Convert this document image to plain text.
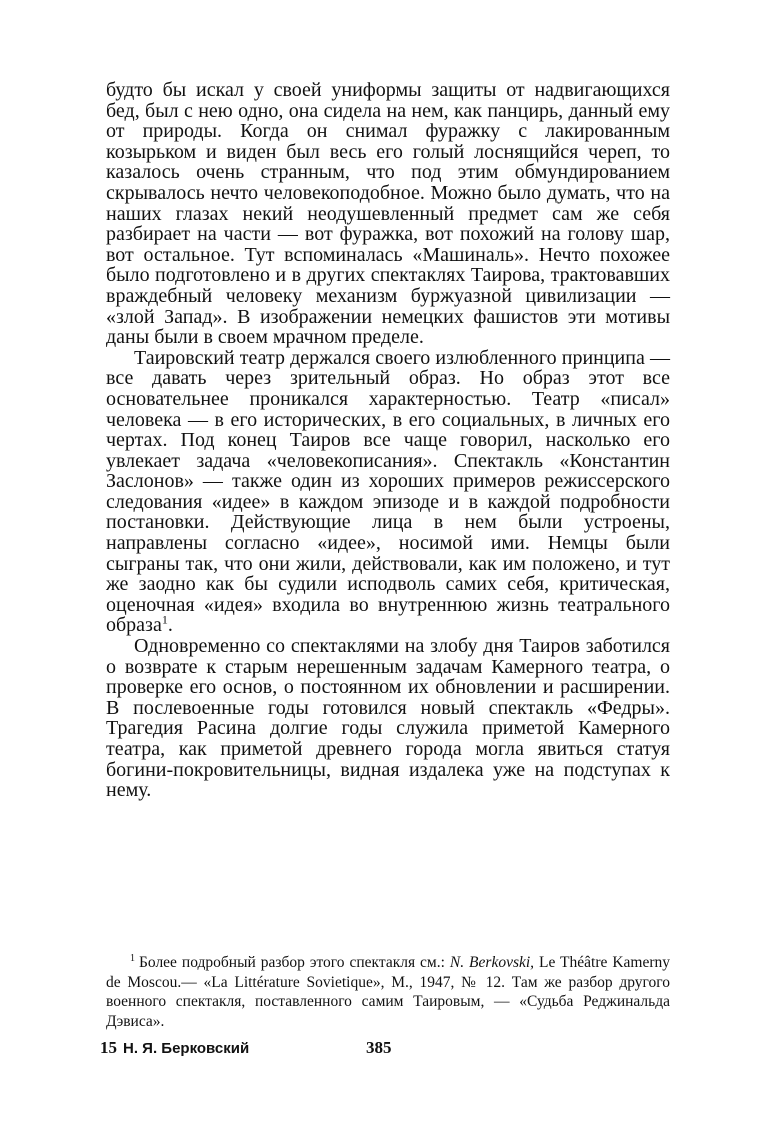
будто бы искал у своей униформы защиты от надвигающихся бед, был с нею одно, она сидела на нем, как панцирь, данный ему от природы. Когда он снимал фуражку с лакированным козырьком и виден был весь его голый лоснящийся череп, то казалось очень странным, что под этим обмундированием скрывалось нечто человекоподобное. Можно было думать, что на наших глазах некий неодушевленный предмет сам же себя разбирает на части — вот фуражка, вот похожий на голову шар, вот остальное. Тут вспоминалась «Машиналь». Нечто похожее было подготовлено и в других спектаклях Таирова, трактовавших враждебный человеку механизм буржуазной цивилизации — «злой Запад». В изображении немецких фашистов эти мотивы даны были в своем мрачном пределе.

Таировский театр держался своего излюбленного принципа — все давать через зрительный образ. Но образ этот все основательнее проникался характерностью. Театр «писал» человека — в его исторических, в его социальных, в личных его чертах. Под конец Таиров все чаще говорил, насколько его увлекает задача «человекописания». Спектакль «Константин Заслонов» — также один из хороших примеров режиссерского следования «идее» в каждом эпизоде и в каждой подробности постановки. Действующие лица в нем были устроены, направлены согласно «идее», носимой ими. Немцы были сыграны так, что они жили, действовали, как им положено, и тут же заодно как бы судили исподволь самих себя, критическая, оценочная «идея» входила во внутреннюю жизнь театрального образа$^1$.

Одновременно со спектаклями на злобу дня Таиров заботился о возврате к старым нерешенным задачам Камерного театра, о проверке его основ, о постоянном их обновлении и расширении. В послевоенные годы готовился новый спектакль «Федры». Трагедия Расина долгие годы служила приметой Камерного театра, как приметой древнего города могла явиться статуя богини-покровительницы, видная издалека уже на подступах к нему.

$^1$ Более подробный разбор этого спектакля см.: N. Berkovski, Le Théâtre Kamerny de Moscou.— «La Littérature Sovietique», M., 1947, № 12. Там же разбор другого военного спектакля, поставленного самим Таировым, — «Судьба Реджинальда Дэвиса».

15 Н. Я. Берковский	385
